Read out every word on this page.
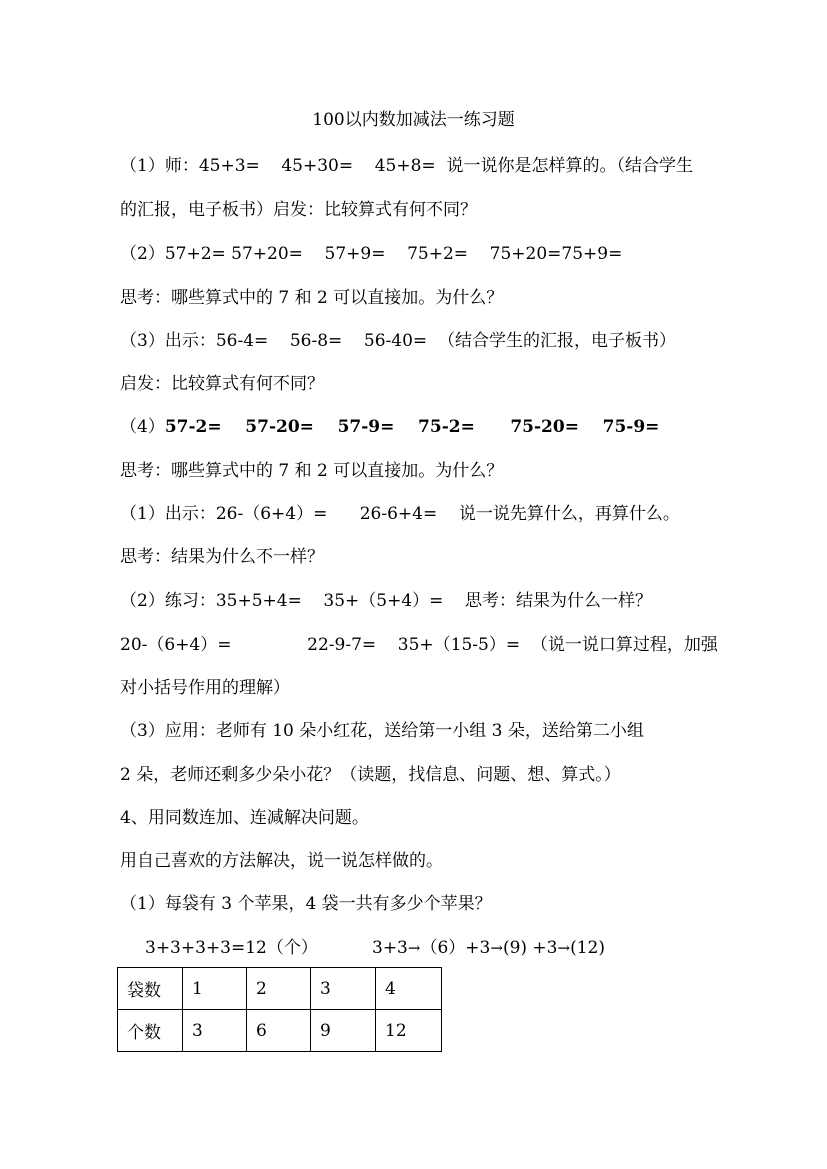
100以内数加减法一练习题
（1）师：45+3=    45+30=    45+8=  说一说你是怎样算的。（结合学生
的汇报，电子板书）启发：比较算式有何不同？
（2）57+2= 57+20=    57+9=    75+2=    75+20=75+9=
思考：哪些算式中的 7 和 2 可以直接加。为什么？
（3）出示：56-4=    56-8=    56-40=  （结合学生的汇报，电子板书）
启发：比较算式有何不同？
（4）57-2=    57-20=    57-9=    75-2=      75-20=    75-9=
思考：哪些算式中的 7 和 2 可以直接加。为什么？
（1）出示：26-（6+4）=      26-6+4=    说一说先算什么，再算什么。
思考：结果为什么不一样？
（2）练习：35+5+4=    35+（5+4）=    思考：结果为什么一样？
20-（6+4）=              22-9-7=    35+（15-5）=  （说一说口算过程，加强
对小括号作用的理解）
（3）应用：老师有 10 朵小红花，送给第一小组 3 朵，送给第二小组
2 朵，老师还剩多少朵小花？（读题，找信息、问题、想、算式。）
4、用同数连加、连减解决问题。
用自己喜欢的方法解决，说一说怎样做的。
（1）每袋有 3 个苹果，4 袋一共有多少个苹果？
3+3+3+3=12（个）	3+3→（6）+3→(9) +3→(12)
袋数	1	2	3	4
个数	3	6	9	12
